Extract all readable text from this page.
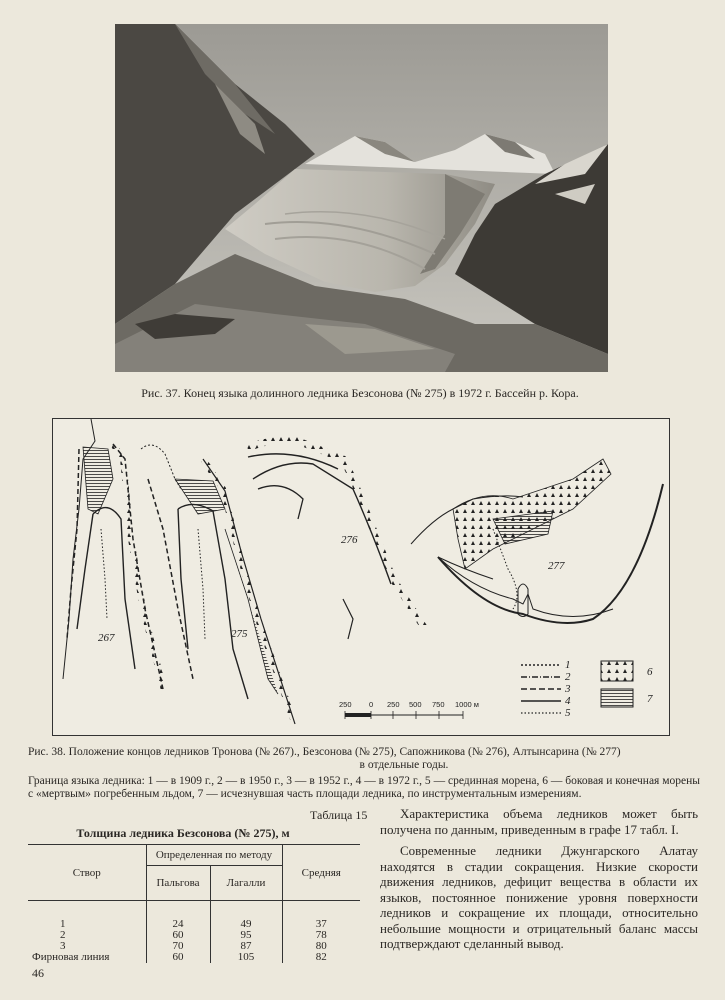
Рис. 37. Конец языка долинного ледника Безсонова (№ 275) в 1972 г. Бассейн р. Кора.
267	275
276
277
250 0 250 500 750 1000 м
1
2
3
4
5
6
7

Рис. 38. Положение концов ледников Тронова (№ 267)., Безсонова (№ 275), Сапожникова (№ 276), Алтынсарина (№ 277)

в отдельные годы.

Граница языка ледника: 1 — в 1909 г., 2 — в 1950 г., 3 — в 1952 г., 4 — в 1972 г., 5 — срединная морена, 6 — боковая и конечная морены с «мертвым» погребенным льдом, 7 — исчезнувшая часть площади ледника, по инструментальным измерениям.

Таблица 15
Толщина ледника Безсонова (№ 275), м
Створ	Определенная по методу		Средняя
	Пальгова	Лагалли	
1	24	49	37
2	60	95	78
3	70	87	80
Фирновая линия	60	105	82

Характеристика объема ледников может быть получена по данным, приведенным в графе 17 табл. I.

Современные ледники Джунгарского Алатау находятся в стадии сокращения. Низкие скорости движения ледников, дефицит вещества в области их языков, постоянное понижение уровня поверхности ледников и сокращение их площади, относительно небольшие мощности и отрицательный баланс массы подтверждают сделанный вывод.

46
